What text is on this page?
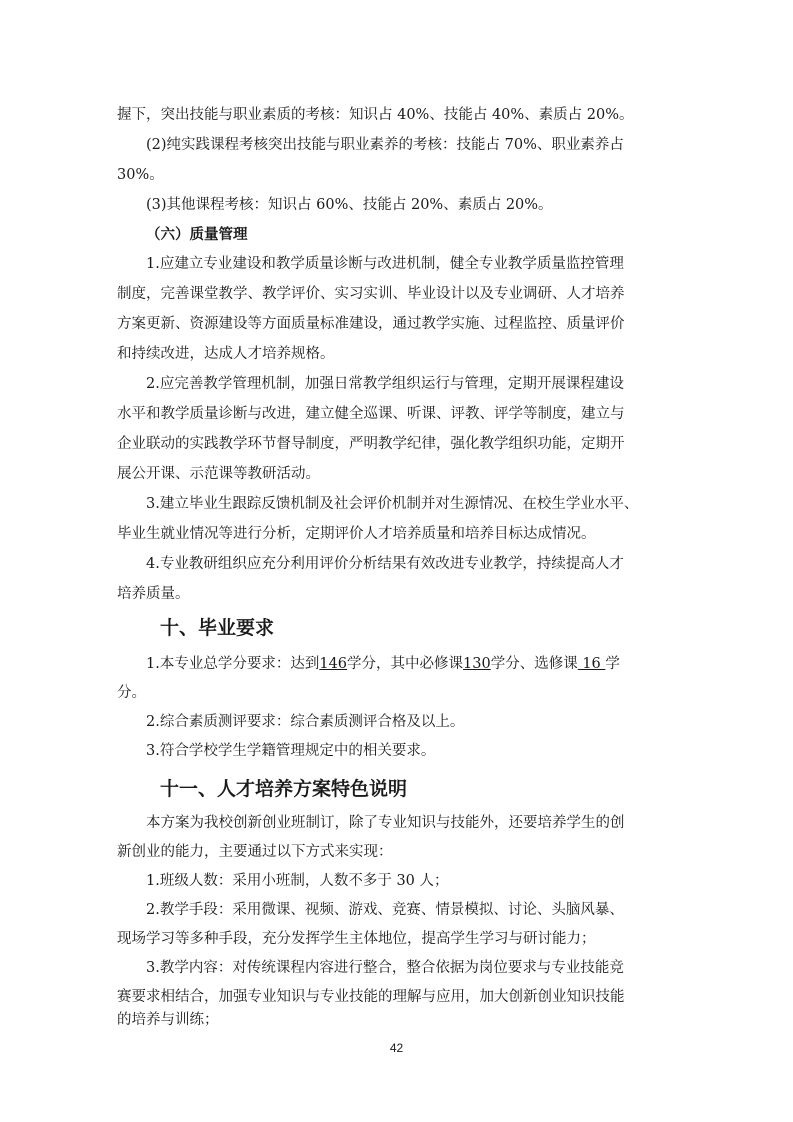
握下，突出技能与职业素质的考核：知识占 40%、技能占 40%、素质占 20%。
(2)纯实践课程考核突出技能与职业素养的考核：技能占 70%、职业素养占
30%。
(3)其他课程考核：知识占 60%、技能占 20%、素质占 20%。
（六）质量管理
1.应建立专业建设和教学质量诊断与改进机制，健全专业教学质量监控管理
制度，完善课堂教学、教学评价、实习实训、毕业设计以及专业调研、人才培养
方案更新、资源建设等方面质量标准建设，通过教学实施、过程监控、质量评价
和持续改进，达成人才培养规格。
2.应完善教学管理机制，加强日常教学组织运行与管理，定期开展课程建设
水平和教学质量诊断与改进，建立健全巡课、听课、评教、评学等制度，建立与
企业联动的实践教学环节督导制度，严明教学纪律，强化教学组织功能，定期开
展公开课、示范课等教研活动。
3.建立毕业生跟踪反馈机制及社会评价机制并对生源情况、在校生学业水平、
毕业生就业情况等进行分析，定期评价人才培养质量和培养目标达成情况。
4.专业教研组织应充分利用评价分析结果有效改进专业教学，持续提高人才
培养质量。
十、毕业要求
1.本专业总学分要求：达到146学分，其中必修课130学分、选修课 16 学
分。
2.综合素质测评要求：综合素质测评合格及以上。
3.符合学校学生学籍管理规定中的相关要求。
十一、人才培养方案特色说明
本方案为我校创新创业班制订，除了专业知识与技能外，还要培养学生的创
新创业的能力，主要通过以下方式来实现：
1.班级人数：采用小班制，人数不多于 30 人；
2.教学手段：采用微课、视频、游戏、竞赛、情景模拟、讨论、头脑风暴、
现场学习等多种手段，充分发挥学生主体地位，提高学生学习与研讨能力；
3.教学内容：对传统课程内容进行整合，整合依据为岗位要求与专业技能竞
赛要求相结合，加强专业知识与专业技能的理解与应用，加大创新创业知识技能
的培养与训练；
42
